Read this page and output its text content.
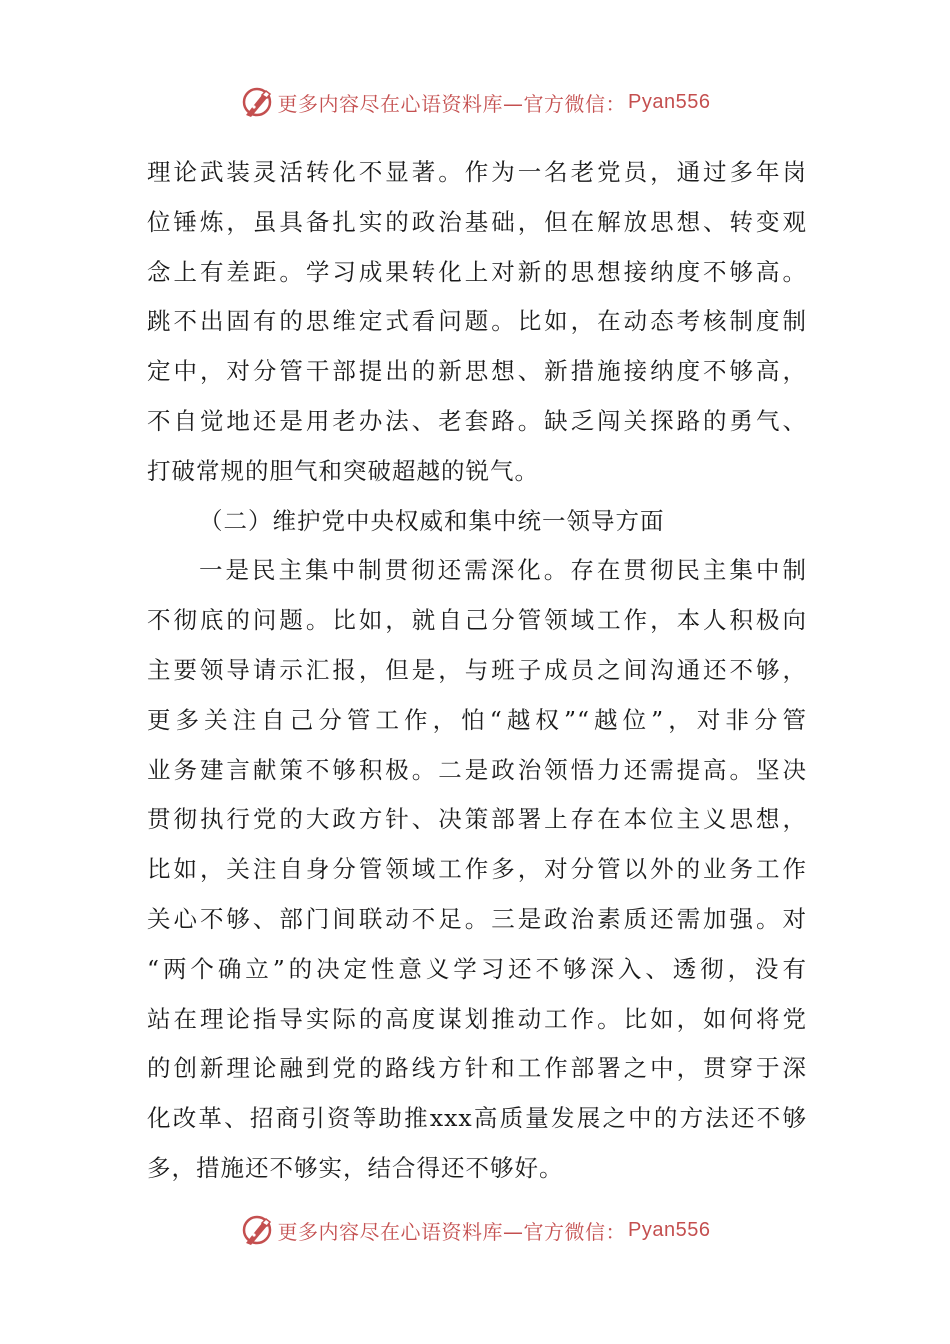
更多内容尽在心语资料库—官方微信： Pyan556
理论武装灵活转化不显著。作为一名老党员，通过多年岗
位锤炼，虽具备扎实的政治基础，但在解放思想、转变观
念上有差距。学习成果转化上对新的思想接纳度不够高。
跳不出固有的思维定式看问题。比如，在动态考核制度制
定中，对分管干部提出的新思想、新措施接纳度不够高，
不自觉地还是用老办法、老套路。缺乏闯关探路的勇气、
打破常规的胆气和突破超越的锐气。
（二）维护党中央权威和集中统一领导方面
一是民主集中制贯彻还需深化。存在贯彻民主集中制
不彻底的问题。比如，就自己分管领域工作，本人积极向
主要领导请示汇报，但是，与班子成员之间沟通还不够，
更多关注自己分管工作，怕“越权”“越位”，对非分管
业务建言献策不够积极。二是政治领悟力还需提高。坚决
贯彻执行党的大政方针、决策部署上存在本位主义思想，
比如，关注自身分管领域工作多，对分管以外的业务工作
关心不够、部门间联动不足。三是政治素质还需加强。对
“两个确立”的决定性意义学习还不够深入、透彻，没有
站在理论指导实际的高度谋划推动工作。比如，如何将党
的创新理论融到党的路线方针和工作部署之中，贯穿于深
化改革、招商引资等助推xxx高质量发展之中的方法还不够
多，措施还不够实，结合得还不够好。
更多内容尽在心语资料库—官方微信： Pyan556
